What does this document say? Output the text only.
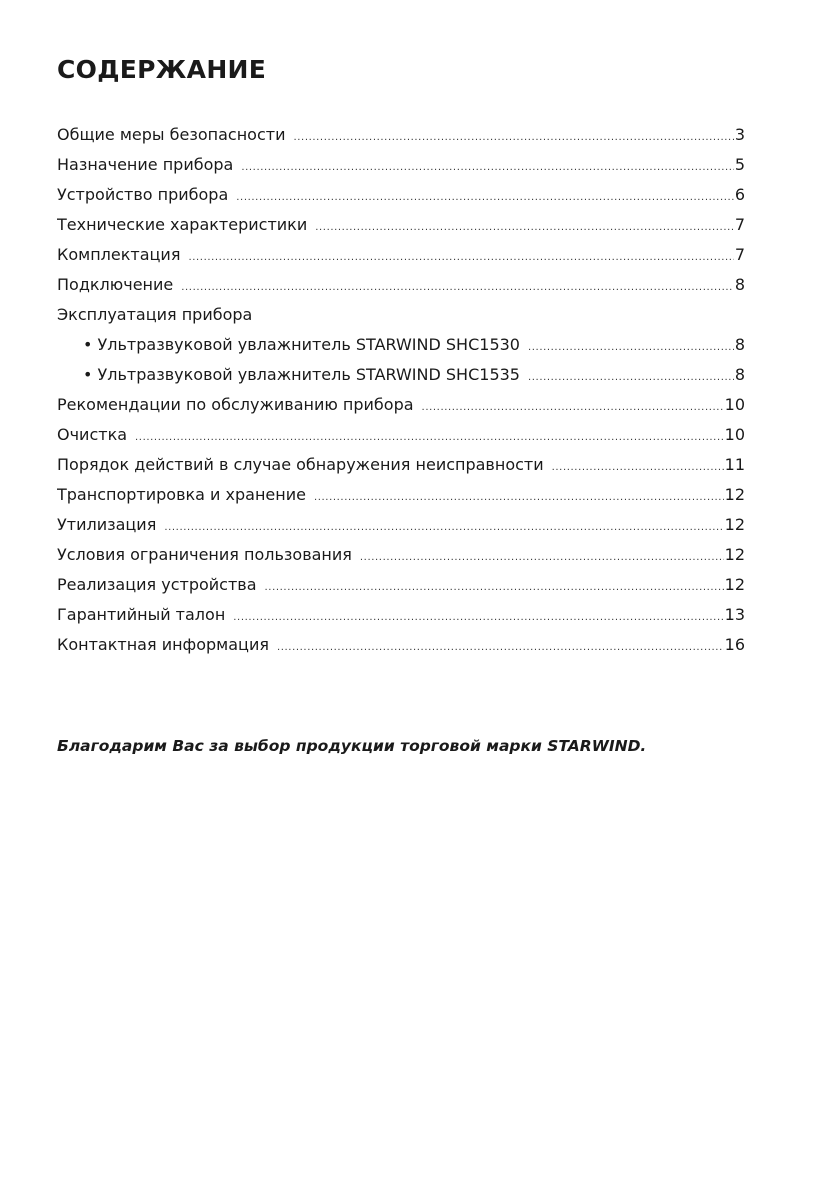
СОДЕРЖАНИЕ
Общие меры безопасности .....	3
Назначение прибора .....	5
Устройство прибора .....	6
Технические характеристики .....	7
Комплектация .....	7
Подключение .....	8
Эксплуатация прибора
• Ультразвуковой увлажнитель STARWIND SHC1530 .....	8
• Ультразвуковой увлажнитель STARWIND SHC1535 .....	8
Рекомендации по обслуживанию прибора .....	10
Очистка .....	10
Порядок действий в случае обнаружения неисправности .....	11
Транспортировка и хранение .....	12
Утилизация .....	12
Условия ограничения пользования .....	12
Реализация устройства .....	12
Гарантийный талон .....	13
Контактная информация .....	16

Благодарим Вас за выбор продукции торговой марки STARWIND.
